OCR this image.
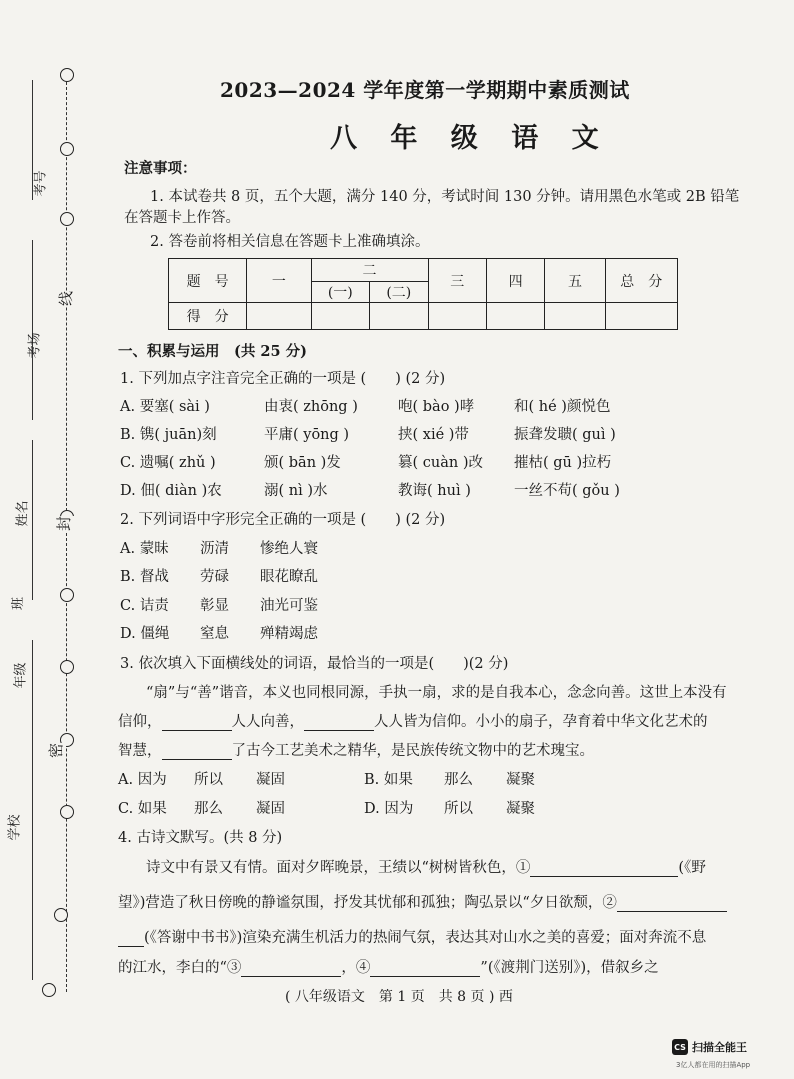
考号
考场
姓名
班
年级
学校
线
封
密
2023—2024 学年度第一学期期中素质测试
八 年 级 语 文
注意事项：
1. 本试卷共 8 页，五个大题，满分 140 分，考试时间 130 分钟。请用黑色水笔或 2B 铅笔
在答题卡上作答。
2. 答卷前将相关信息在答题卡上准确填涂。
题　号	一	二		三	四	五	总　分
		(一)	(二)				
得　分							
一、积累与运用　(共 25 分)
1. 下列加点字注音完全正确的一项是 (　　) (2 分)
A. 要塞( sài )	由衷( zhōng )	咆( bào )哮	和( hé )颜悦色
B. 镌( juān)刻	平庸( yōng )	挟( xié )带	振聋发聩( guì )
C. 遗嘱( zhǔ )	颁( bān )发	篡( cuàn )改 摧枯( gū )拉朽
D. 佃( diàn )农	溺( nì )水	教诲( huì )	一丝不苟( gǒu )
2. 下列词语中字形完全正确的一项是 (　　) (2 分)
A. 蒙昧 沥清 惨绝人寰
B. 督战 劳碌 眼花瞭乱
C. 诘责 彰显 油光可鉴
D. 僵绳 窒息 殚精竭虑
3. 依次填入下面横线处的词语，最恰当的一项是(　　)(2 分)
“扇”与“善”谐音，本义也同根同源，手执一扇，求的是自我本心，念念向善。这世上本没有
信仰，	人人向善，	人人皆为信仰。小小的扇子，孕育着中华文化艺术的
智慧，	了古今工艺美术之精华，是民族传统文物中的艺术瑰宝。
A. 因为 所以 凝固	B. 如果 那么 凝聚
C. 如果 那么 凝固	D. 因为 所以 凝聚
4. 古诗文默写。(共 8 分)
诗文中有景又有情。面对夕晖晚景，王绩以“树树皆秋色，①	(《野
望》)营造了秋日傍晚的静谧氛围，抒发其忧郁和孤独；陶弘景以“夕日欲颓，②
(《答谢中书书》)渲染充满生机活力的热闹气氛，表达其对山水之美的喜爱；面对奔流不息
的江水，李白的“③	，④	”(《渡荆门送别》)，借叙乡之
( 八年级语文　第 1 页　共 8 页 ) 西
CS 扫描全能王
3亿人都在用的扫描App
